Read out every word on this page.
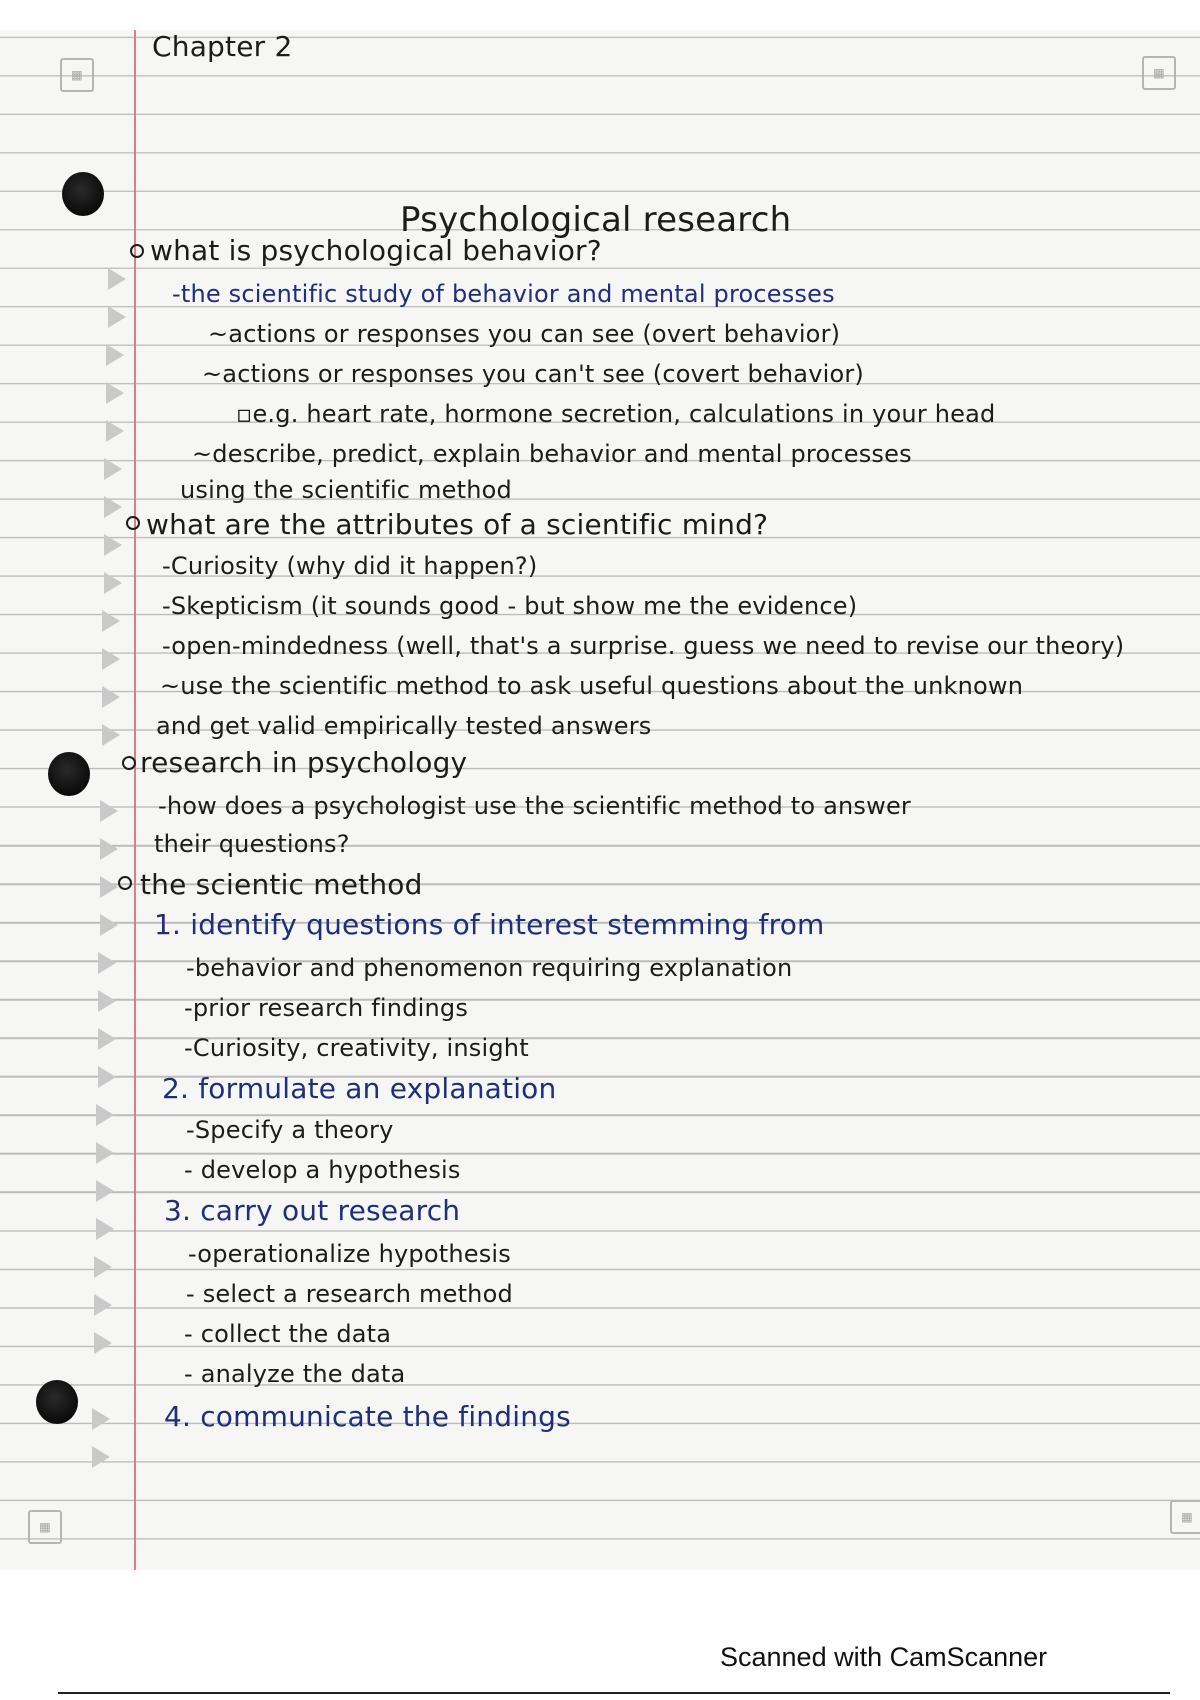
▦	▦
▦
▦
Chapter 2
Psychological research
what is psychological behavior?
-the scientific study of behavior and mental processes
~actions or responses you can see (overt behavior)
~actions or responses you can't see (covert behavior)
▫e.g. heart rate, hormone secretion, calculations in your head
~describe, predict, explain behavior and mental processes
using the scientific method
what are the attributes of a scientific mind?
-Curiosity (why did it happen?)
-Skepticism (it sounds good - but show me the evidence)
-open-mindedness (well, that's a surprise. guess we need to revise our theory)
~use the scientific method to ask useful questions about the unknown
and get valid empirically tested answers
research in psychology
-how does a psychologist use the scientific method to answer
their questions?
the scientic method
1. identify questions of interest stemming from
-behavior and phenomenon requiring explanation
-prior research findings
-Curiosity, creativity, insight
2. formulate an explanation
-Specify a theory
- develop a hypothesis
3. carry out research
-operationalize hypothesis
- select a research method
- collect the data
- analyze the data
4. communicate the findings
Scanned with CamScanner
